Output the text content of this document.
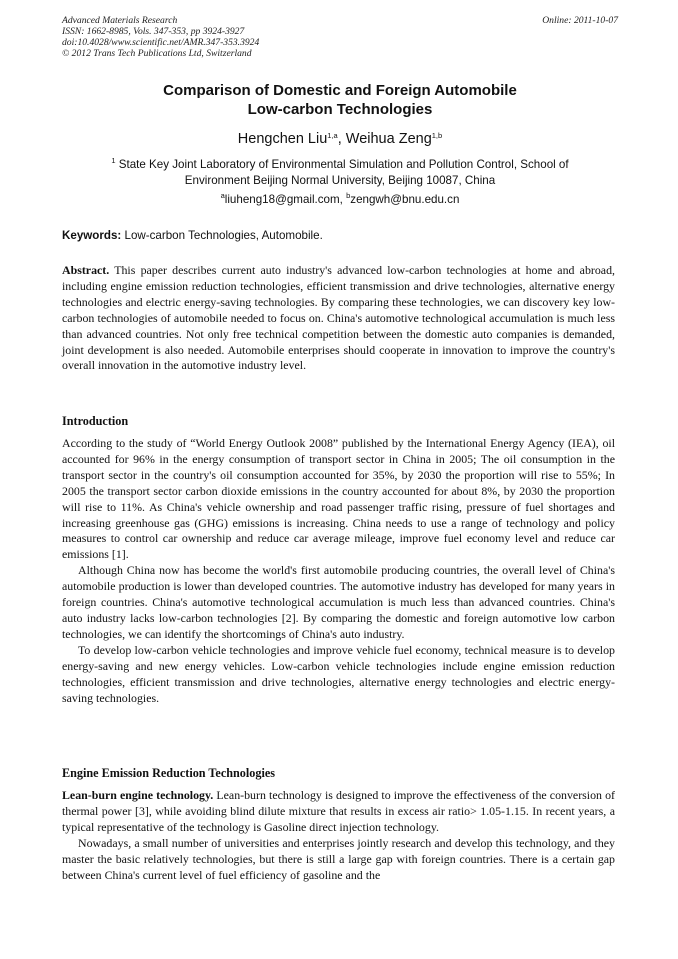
Advanced Materials Research
ISSN: 1662-8985, Vols. 347-353, pp 3924-3927
doi:10.4028/www.scientific.net/AMR.347-353.3924
© 2012 Trans Tech Publications Ltd, Switzerland
Online: 2011-10-07
Comparison of Domestic and Foreign Automobile
Low-carbon Technologies
Hengchen Liu$^{1,a}$, Weihua Zeng$^{1,b}$
$^1$ State Key Joint Laboratory of Environmental Simulation and Pollution Control, School of
Environment Beijing Normal University, Beijing 10087, China
$^a$liuheng18@gmail.com, $^b$zengwh@bnu.edu.cn
Keywords: Low-carbon Technologies, Automobile.

Abstract. This paper describes current auto industry's advanced low-carbon technologies at home and abroad, including engine emission reduction technologies, efficient transmission and drive technologies, alternative energy technologies and electric energy-saving technologies. By comparing these technologies, we can discovery key low-carbon technologies of automobile needed to focus on. China's automotive technological accumulation is much less than advanced countries. Not only free technical competition between the domestic auto companies is demanded, joint development is also needed. Automobile enterprises should cooperate in innovation to improve the country's overall innovation in the automotive industry level.

Introduction

According to the study of “World Energy Outlook 2008” published by the International Energy Agency (IEA), oil accounted for 96% in the energy consumption of transport sector in China in 2005; The oil consumption in the transport sector in the country's oil consumption accounted for 35%, by 2030 the proportion will rise to 55%; In 2005 the transport sector carbon dioxide emissions in the country accounted for about 8%, by 2030 the proportion will rise to 11%. As China's vehicle ownership and road passenger traffic rising, pressure of fuel shortages and increasing greenhouse gas (GHG) emissions is increasing. China needs to use a range of technology and policy measures to control car ownership and reduce car average mileage, improve fuel economy level and reduce car emissions [1].

Although China now has become the world's first automobile producing countries, the overall level of China's automobile production is lower than developed countries. The automotive industry has developed for many years in foreign countries. China's automotive technological accumulation is much less than advanced countries. China's auto industry lacks low-carbon technologies [2]. By comparing the domestic and foreign automotive low carbon technologies, we can identify the shortcomings of China's auto industry.

To develop low-carbon vehicle technologies and improve vehicle fuel economy, technical measure is to develop energy-saving and new energy vehicles. Low-carbon vehicle technologies include engine emission reduction technologies, efficient transmission and drive technologies, alternative energy technologies and electric energy-saving technologies.

Engine Emission Reduction Technologies

Lean-burn engine technology. Lean-burn technology is designed to improve the effectiveness of the conversion of thermal power [3], while avoiding blind dilute mixture that results in excess air ratio> 1.05-1.15. In recent years, a typical representative of the technology is Gasoline direct injection technology.

Nowadays, a small number of universities and enterprises jointly research and develop this technology, and they master the basic relatively technologies, but there is still a large gap with foreign countries. There is a certain gap between China's current level of fuel efficiency of gasoline and the
